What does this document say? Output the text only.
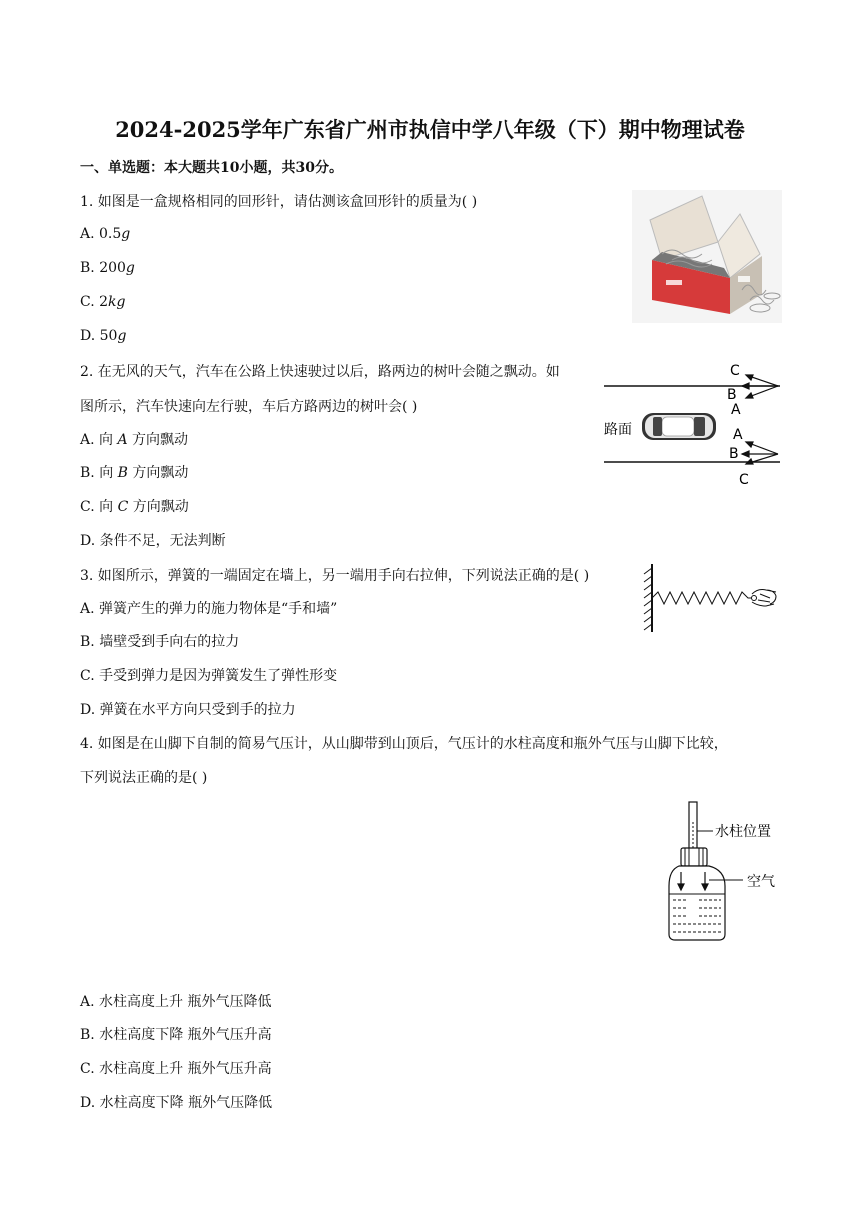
2024-2025学年广东省广州市执信中学八年级（下）期中物理试卷
一、单选题：本大题共10小题，共30分。
1. 如图是一盒规格相同的回形针，请估测该盒回形针的质量为( )
A. 0.5g
B. 200g
C. 2kg
D. 50g
2. 在无风的天气，汽车在公路上快速驶过以后，路两边的树叶会随之飘动。如
图所示，汽车快速向左行驶，车后方路两边的树叶会( )
A. 向 A 方向飘动
B. 向 B 方向飘动
C. 向 C 方向飘动
D. 条件不足，无法判断
路面
C
B
A
A
B
C
3. 如图所示，弹簧的一端固定在墙上，另一端用手向右拉伸，下列说法正确的是( )
A. 弹簧产生的弹力的施力物体是“手和墙”
B. 墙壁受到手向右的拉力
C. 手受到弹力是因为弹簧发生了弹性形变
D. 弹簧在水平方向只受到手的拉力
4. 如图是在山脚下自制的简易气压计，从山脚带到山顶后，气压计的水柱高度和瓶外气压与山脚下比较，
下列说法正确的是( )
水柱位置
空气
A. 水柱高度上升 瓶外气压降低
B. 水柱高度下降 瓶外气压升高
C. 水柱高度上升 瓶外气压升高
D. 水柱高度下降 瓶外气压降低
